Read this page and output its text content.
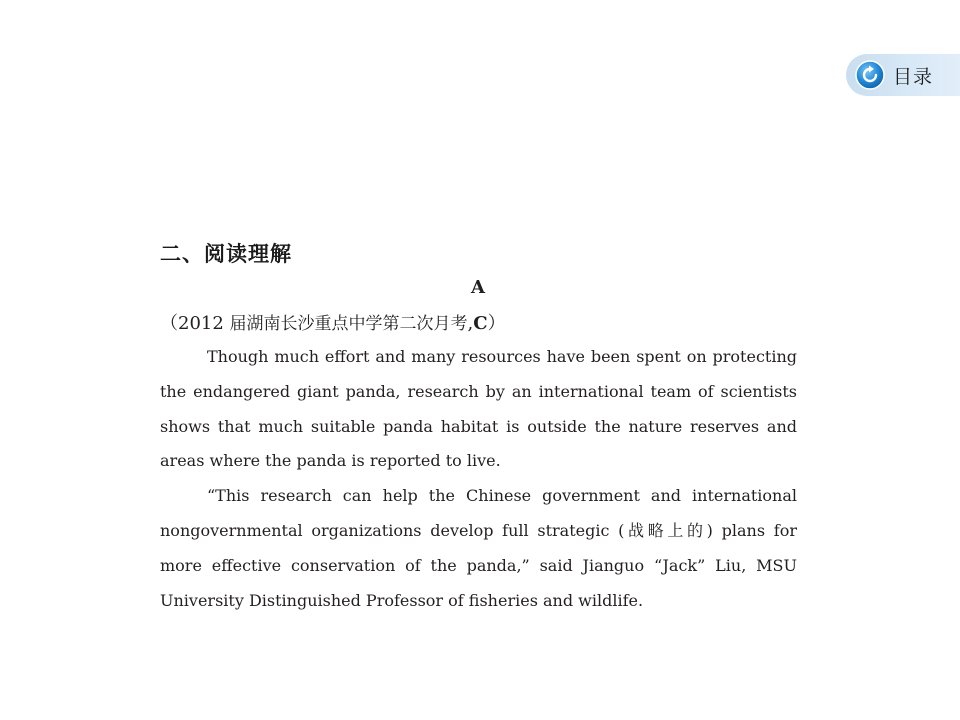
目录
二、阅读理解
A
（2012 届湖南长沙重点中学第二次月考,C）

Though much effort and many resources have been spent on protecting the endangered giant panda, research by an international team of scientists shows that much suitable panda habitat is outside the nature reserves and areas where the panda is reported to live.

“This research can help the Chinese government and international nongovernmental organizations develop full strategic (战略上的) plans for more effective conservation of the panda,” said Jianguo “Jack” Liu, MSU University Distinguished Professor of fisheries and wildlife.
